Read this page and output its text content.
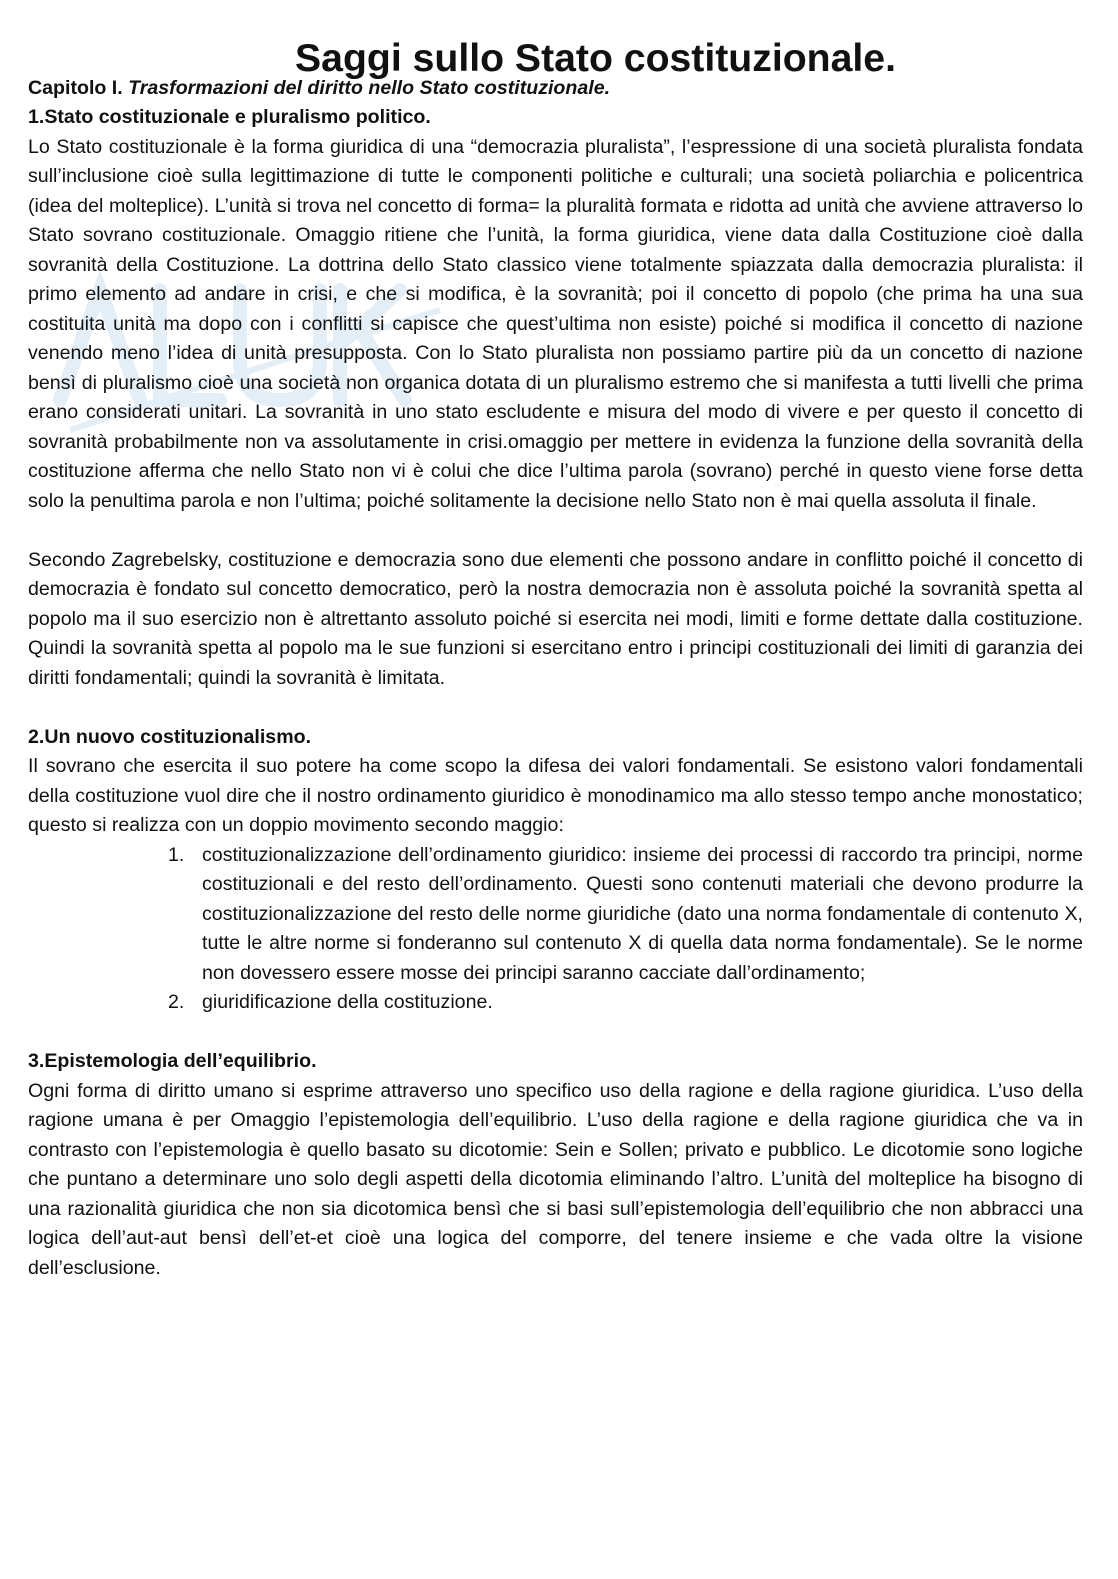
Saggi sullo Stato costituzionale.
Capitolo I. Trasformazioni del diritto nello Stato costituzionale.
1.Stato costituzionale e pluralismo politico.

Lo Stato costituzionale è la forma giuridica di una “democrazia pluralista”, l’espressione di una società pluralista fondata sull’inclusione cioè sulla legittimazione di tutte le componenti politiche e culturali; una società poliarchia e policentrica (idea del molteplice). L’unità si trova nel concetto di forma= la pluralità formata e ridotta ad unità che avviene attraverso lo Stato sovrano costituzionale. Omaggio ritiene che l’unità, la forma giuridica, viene data dalla Costituzione cioè dalla sovranità della Costituzione. La dottrina dello Stato classico viene totalmente spiazzata dalla democrazia pluralista: il primo elemento ad andare in crisi, e che si modifica, è la sovranità; poi il concetto di popolo (che prima ha una sua costituita unità ma dopo con i conflitti si capisce che quest’ultima non esiste) poiché si modifica il concetto di nazione venendo meno l’idea di unità presupposta. Con lo Stato pluralista non possiamo partire più da un concetto di nazione bensì di pluralismo cioè una società non organica dotata di un pluralismo estremo che si manifesta a tutti livelli che prima erano considerati unitari. La sovranità in uno stato escludente e misura del modo di vivere e per questo il concetto di sovranità probabilmente non va assolutamente in crisi.omaggio per mettere in evidenza la funzione della sovranità della costituzione afferma che nello Stato non vi è colui che dice l’ultima parola (sovrano) perché in questo viene forse detta solo la penultima parola e non l’ultima; poiché solitamente la decisione nello Stato non è mai quella assoluta il finale.

Secondo Zagrebelsky, costituzione e democrazia sono due elementi che possono andare in conflitto poiché il concetto di democrazia è fondato sul concetto democratico, però la nostra democrazia non è assoluta poiché la sovranità spetta al popolo ma il suo esercizio non è altrettanto assoluto poiché si esercita nei modi, limiti e forme dettate dalla costituzione. Quindi la sovranità spetta al popolo ma le sue funzioni si esercitano entro i principi costituzionali dei limiti di garanzia dei diritti fondamentali; quindi la sovranità è limitata.

2.Un nuovo costituzionalismo.

Il sovrano che esercita il suo potere ha come scopo la difesa dei valori fondamentali. Se esistono valori fondamentali della costituzione vuol dire che il nostro ordinamento giuridico è monodinamico ma allo stesso tempo anche monostatico; questo si realizza con un doppio movimento secondo maggio:

1. costituzionalizzazione dell’ordinamento giuridico: insieme dei processi di raccordo tra principi, norme costituzionali e del resto dell’ordinamento. Questi sono contenuti materiali che devono produrre la costituzionalizzazione del resto delle norme giuridiche (dato una norma fondamentale di contenuto X, tutte le altre norme si fonderanno sul contenuto X di quella data norma fondamentale). Se le norme non dovessero essere mosse dei principi saranno cacciate dall’ordinamento;
2. giuridificazione della costituzione.
3.Epistemologia dell’equilibrio.

Ogni forma di diritto umano si esprime attraverso uno specifico uso della ragione e della ragione giuridica. L’uso della ragione umana è per Omaggio l’epistemologia dell’equilibrio. L’uso della ragione e della ragione giuridica che va in contrasto con l’epistemologia è quello basato su dicotomie: Sein e Sollen; privato e pubblico. Le dicotomie sono logiche che puntano a determinare uno solo degli aspetti della dicotomia eliminando l’altro. L’unità del molteplice ha bisogno di una razionalità giuridica che non sia dicotomica bensì che si basi sull’epistemologia dell’equilibrio che non abbracci una logica dell’aut-aut bensì dell’et-et cioè una logica del comporre, del tenere insieme e che vada oltre la visione dell’esclusione.
